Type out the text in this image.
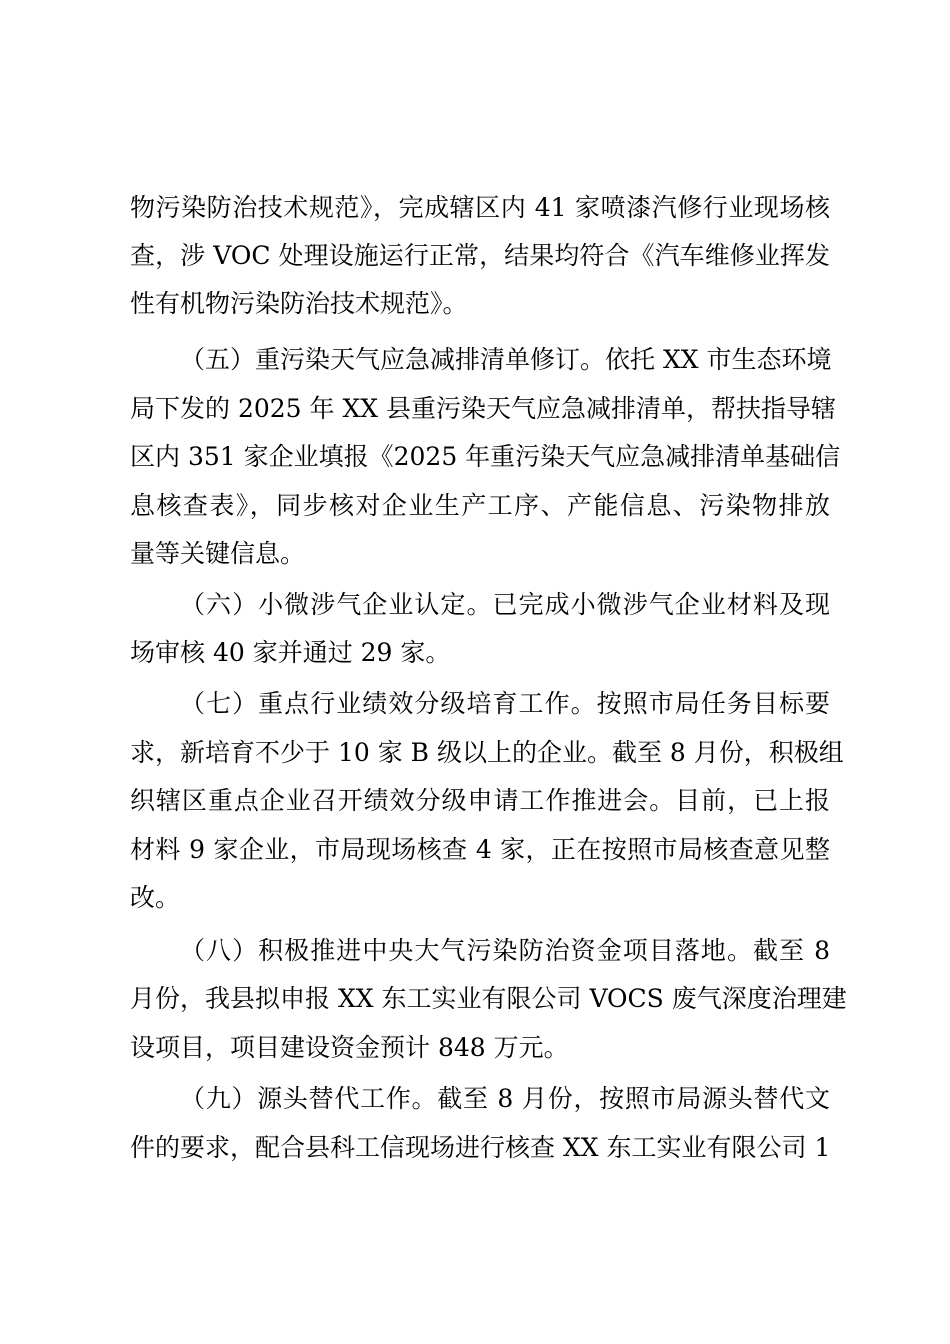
物污染防治技术规范》，完成辖区内 41 家喷漆汽修行业现场核
查，涉 VOC 处理设施运行正常，结果均符合《汽车维修业挥发
性有机物污染防治技术规范》。
（五）重污染天气应急减排清单修订。依托 XX 市生态环境
局下发的 2025 年 XX 县重污染天气应急减排清单，帮扶指导辖
区内 351 家企业填报《2025 年重污染天气应急减排清单基础信
息核查表》，同步核对企业生产工序、产能信息、污染物排放
量等关键信息。
（六）小微涉气企业认定。已完成小微涉气企业材料及现
场审核 40 家并通过 29 家。
（七）重点行业绩效分级培育工作。按照市局任务目标要
求，新培育不少于 10 家 B 级以上的企业。截至 8 月份，积极组
织辖区重点企业召开绩效分级申请工作推进会。目前，已上报
材料 9 家企业，市局现场核查 4 家，正在按照市局核查意见整
改。
（八）积极推进中央大气污染防治资金项目落地。截至 8
月份，我县拟申报 XX 东工实业有限公司 VOCS 废气深度治理建
设项目，项目建设资金预计 848 万元。
（九）源头替代工作。截至 8 月份，按照市局源头替代文
件的要求，配合县科工信现场进行核查 XX 东工实业有限公司 1
